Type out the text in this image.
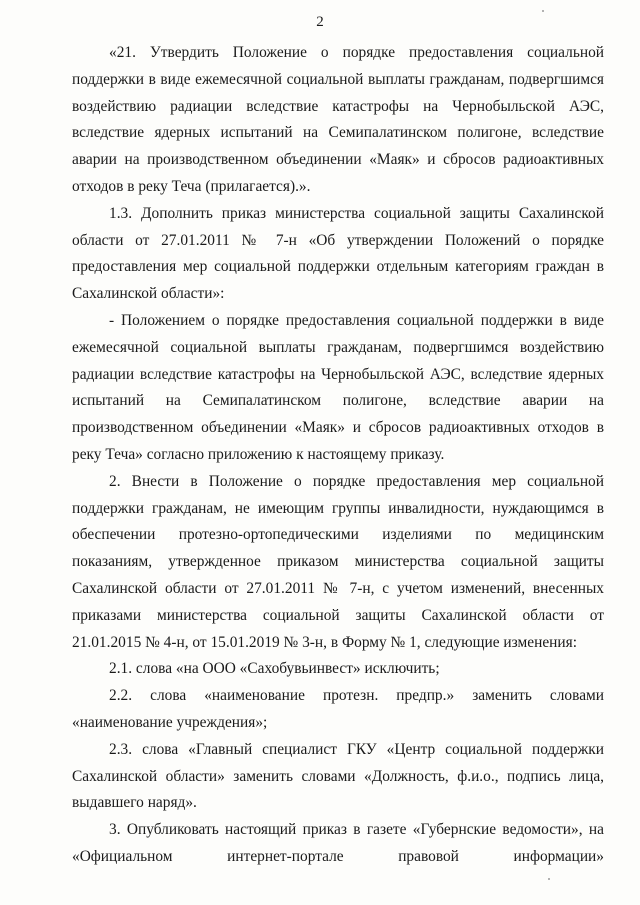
2

«21. Утвердить Положение о порядке предоставления социальной поддержки в виде ежемесячной социальной выплаты гражданам, подвергшимся воздействию радиации вследствие катастрофы на Чернобыльской АЭС, вследствие ядерных испытаний на Семипалатинском полигоне, вследствие аварии на производственном объединении «Маяк» и сбросов радиоактивных отходов в реку Теча (прилагается).».

1.3. Дополнить приказ министерства социальной защиты Сахалинской области от 27.01.2011 № 7-н «Об утверждении Положений о порядке предоставления мер социальной поддержки отдельным категориям граждан в Сахалинской области»:

- Положением о порядке предоставления социальной поддержки в виде ежемесячной социальной выплаты гражданам, подвергшимся воздействию радиации вследствие катастрофы на Чернобыльской АЭС, вследствие ядерных испытаний на Семипалатинском полигоне, вследствие аварии на производственном объединении «Маяк» и сбросов радиоактивных отходов в реку Теча» согласно приложению к настоящему приказу.

2. Внести в Положение о порядке предоставления мер социальной поддержки гражданам, не имеющим группы инвалидности, нуждающимся в обеспечении протезно-ортопедическими изделиями по медицинским показаниям, утвержденное приказом министерства социальной защиты Сахалинской области от 27.01.2011 № 7-н, с учетом изменений, внесенных приказами министерства социальной защиты Сахалинской области от 21.01.2015 № 4-н, от 15.01.2019 № 3-н, в Форму № 1, следующие изменения:

2.1. слова «на ООО «Сахобувьинвест» исключить;

2.2. слова «наименование протезн. предпр.» заменить словами «наименование учреждения»;

2.3. слова «Главный специалист ГКУ «Центр социальной поддержки Сахалинской области» заменить словами «Должность, ф.и.о., подпись лица, выдавшего наряд».

3. Опубликовать настоящий приказ в газете «Губернские ведомости», на «Официальном интернет-портале правовой информации»
